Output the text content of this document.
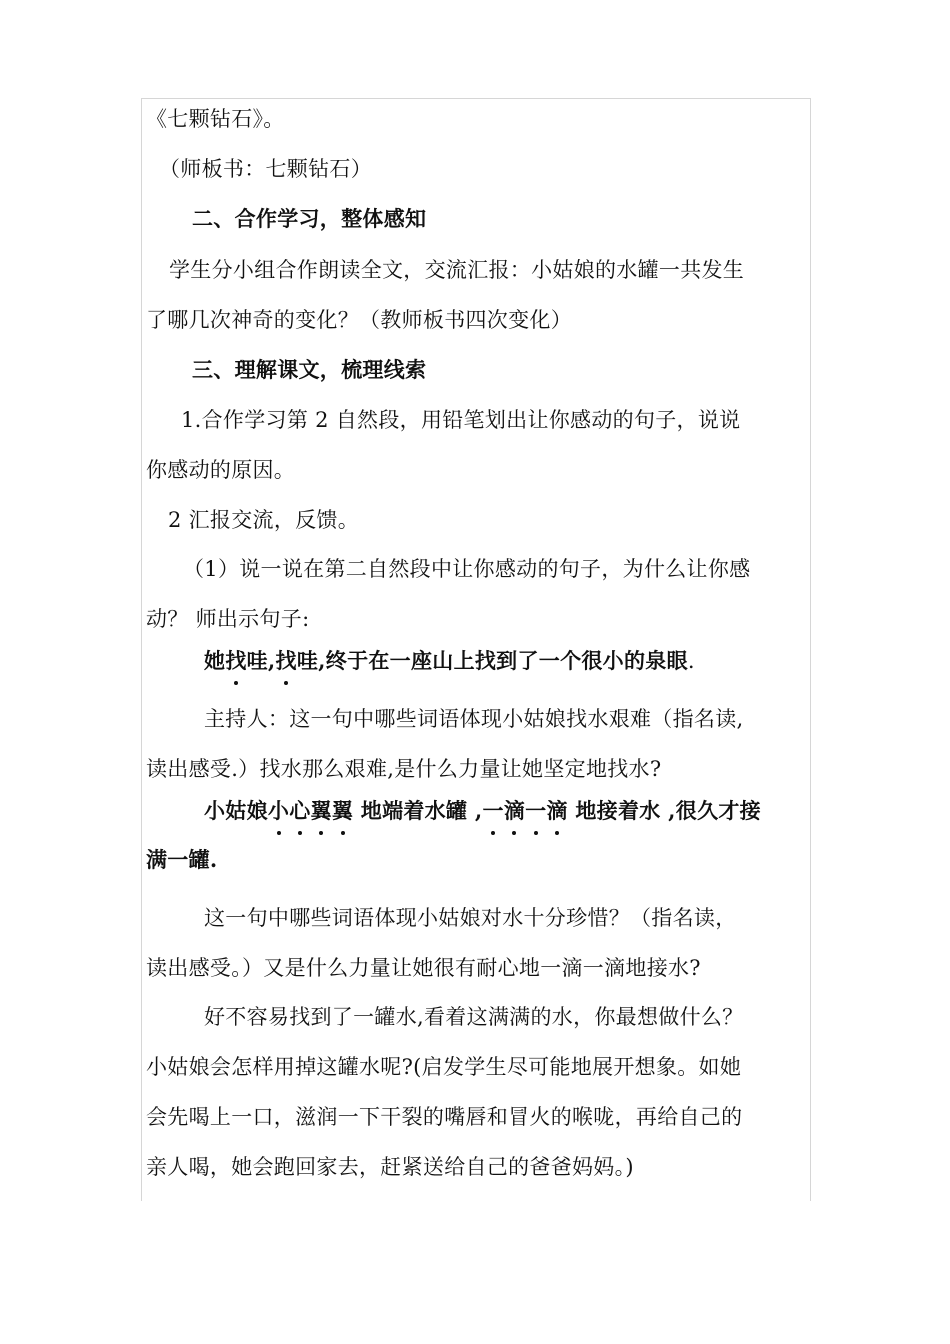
《七颗钻石》。
（师板书：七颗钻石）
二、合作学习，整体感知
学生分小组合作朗读全文，交流汇报：小姑娘的水罐一共发生
了哪几次神奇的变化？（教师板书四次变化）
三、理解课文，梳理线索
1.合作学习第 2 自然段，用铅笔划出让你感动的句子，说说
你感动的原因。
2 汇报交流，反馈。
（1）说一说在第二自然段中让你感动的句子，为什么让你感
动？ 师出示句子:
她找哇,找哇,终于在一座山上找到了一个很小的泉眼.
主持人：这一句中哪些词语体现小姑娘找水艰难（指名读,
读出感受.）找水那么艰难,是什么力量让她坚定地找水?
小姑娘小心翼翼 地端着水罐 ,一滴一滴 地接着水 ,很久才接
满一罐.
这一句中哪些词语体现小姑娘对水十分珍惜？（指名读，
读出感受。）又是什么力量让她很有耐心地一滴一滴地接水?
好不容易找到了一罐水,看着这满满的水，你最想做什么？
小姑娘会怎样用掉这罐水呢?(启发学生尽可能地展开想象。如她
会先喝上一口，滋润一下干裂的嘴唇和冒火的喉咙，再给自己的
亲人喝，她会跑回家去，赶紧送给自己的爸爸妈妈。)
